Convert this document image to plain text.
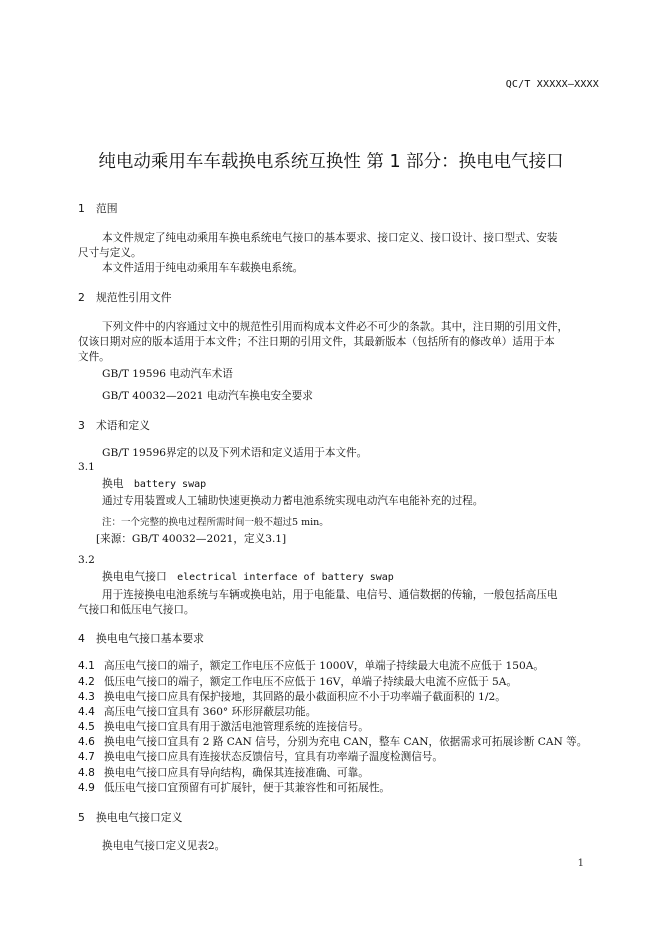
QC/T XXXXX—XXXX
纯电动乘用车车载换电系统互换性 第 1 部分：换电电气接口
1 范围
本文件规定了纯电动乘用车换电系统电气接口的基本要求、接口定义、接口设计、接口型式、安装
尺寸与定义。
本文件适用于纯电动乘用车车载换电系统。
2 规范性引用文件
下列文件中的内容通过文中的规范性引用而构成本文件必不可少的条款。其中，注日期的引用文件，
仅该日期对应的版本适用于本文件；不注日期的引用文件，其最新版本（包括所有的修改单）适用于本
文件。
GB/T 19596 电动汽车术语
GB/T 40032—2021 电动汽车换电安全要求
3 术语和定义
GB/T 19596界定的以及下列术语和定义适用于本文件。
3.1
换电 battery swap
通过专用装置或人工辅助快速更换动力蓄电池系统实现电动汽车电能补充的过程。
注：一个完整的换电过程所需时间一般不超过5 min。
[来源：GB/T 40032—2021，定义3.1]
3.2
换电电气接口 electrical interface of battery swap
用于连接换电电池系统与车辆或换电站，用于电能量、电信号、通信数据的传输，一般包括高压电
气接口和低压电气接口。
4 换电电气接口基本要求
4.1 高压电气接口的端子，额定工作电压不应低于 1000V，单端子持续最大电流不应低于 150A。
4.2 低压电气接口的端子，额定工作电压不应低于 16V，单端子持续最大电流不应低于 5A。
4.3 换电电气接口应具有保护接地，其回路的最小截面积应不小于功率端子截面积的 1/2。
4.4 高压电气接口宜具有 360° 环形屏蔽层功能。
4.5 换电电气接口宜具有用于激活电池管理系统的连接信号。
4.6 换电电气接口宜具有 2 路 CAN 信号，分别为充电 CAN，整车 CAN，依据需求可拓展诊断 CAN 等。
4.7 换电电气接口应具有连接状态反馈信号，宜具有功率端子温度检测信号。
4.8 换电电气接口应具有导向结构，确保其连接准确、可靠。
4.9 低压电气接口宜预留有可扩展针，便于其兼容性和可拓展性。
5 换电电气接口定义
换电电气接口定义见表2。
1
